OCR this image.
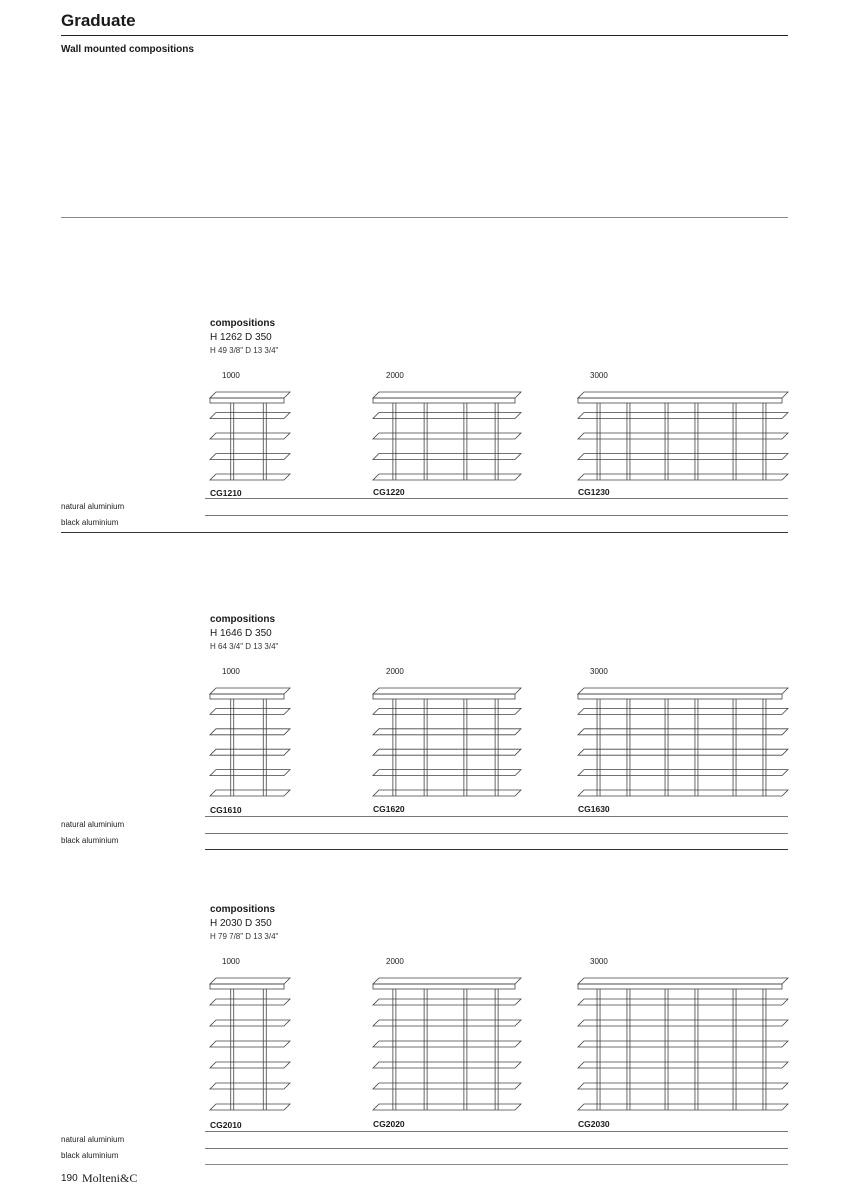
Graduate
Wall mounted compositions
compositions
H 1262 D 350
H 49 3/8" D 13 3/4"
1000	2000	3000
CG1210	CG1220	CG1230
natural aluminium
black aluminium
compositions
H 1646 D 350
H 64 3/4" D 13 3/4"
1000	2000	3000
CG1610	CG1620	CG1630
natural aluminium
black aluminium
compositions
H 2030 D 350
H 79 7/8" D 13 3/4"
1000	2000	3000
CG2010	CG2020	CG2030
natural aluminium
black aluminium
190 Molteni&C
